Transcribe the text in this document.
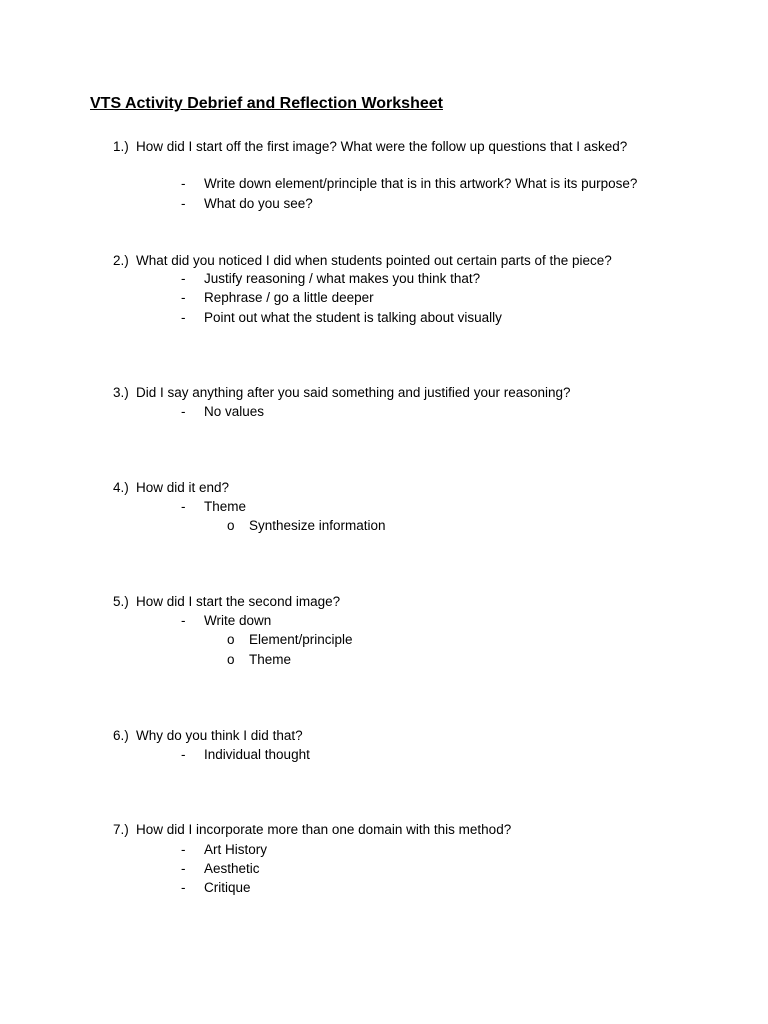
VTS Activity Debrief and Reflection Worksheet
1.) How did I start off the first image? What were the follow up questions that I asked?
- Write down element/principle that is in this artwork? What is its purpose?
- What do you see?
2.) What did you noticed I did when students pointed out certain parts of the piece?
- Justify reasoning / what makes you think that?
- Rephrase / go a little deeper
- Point out what the student is talking about visually
3.) Did I say anything after you said something and justified your reasoning?
- No values
4.) How did it end?
- Theme
o Synthesize information
5.) How did I start the second image?
- Write down
o Element/principle
o Theme
6.) Why do you think I did that?
- Individual thought
7.) How did I incorporate more than one domain with this method?
- Art History
- Aesthetic
- Critique
